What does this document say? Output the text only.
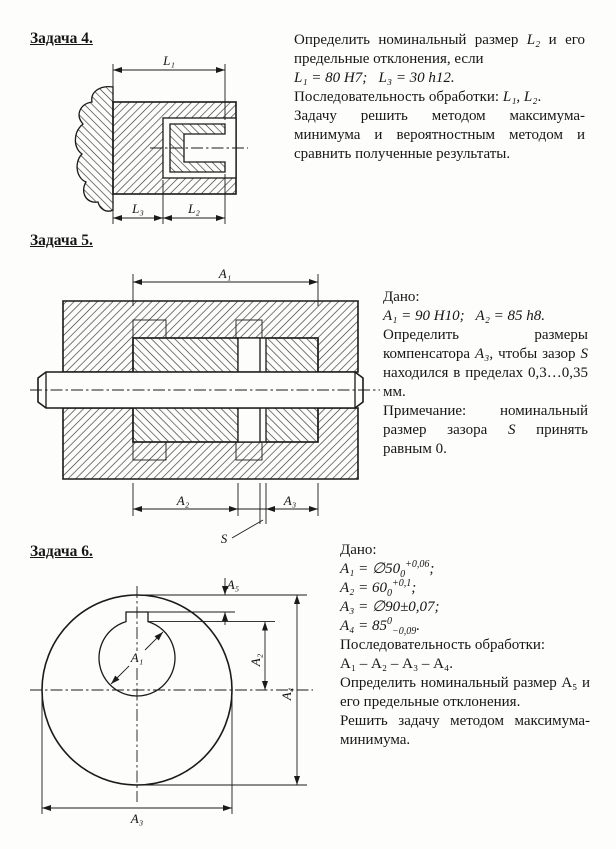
Задача 4.	Определить номинальный размер L₂ и его предельные отклонения, если

L₁ = 80 H7;   L₃ = 30 h12.

Последовательность обработки: L₁, L₂.

Задачу решить методом максимума-минимума и вероятностным методом и сравнить полученные результаты.

L₁
L₃	L₂
Задача 5.

Дано:

A₁ = 90 H10;   A₂ = 85 h8.

Определить размеры компенсатора A₃, чтобы зазор S находился в пределах 0,3…0,35 мм.

Примечание: номинальный размер зазора S принять равным 0.

A₁
A₂	A₃
S
Задача 6.	Дано:

$A_1 = \emptyset 50_0^{+0,06}$;

$A_2 = 60_0^{+0,1}$;

A₃ = ∅90±0,07;

$A_4 = 85^0_{-0,09}$.

Последовательность обработки:

А₁ – А₂ – А₃ – А₄.

Определить номинальный размер А₅ и его предельные отклонения.

Решить задачу методом максимума-минимума.

A₁
A₅
A₂
A₄
A₃
